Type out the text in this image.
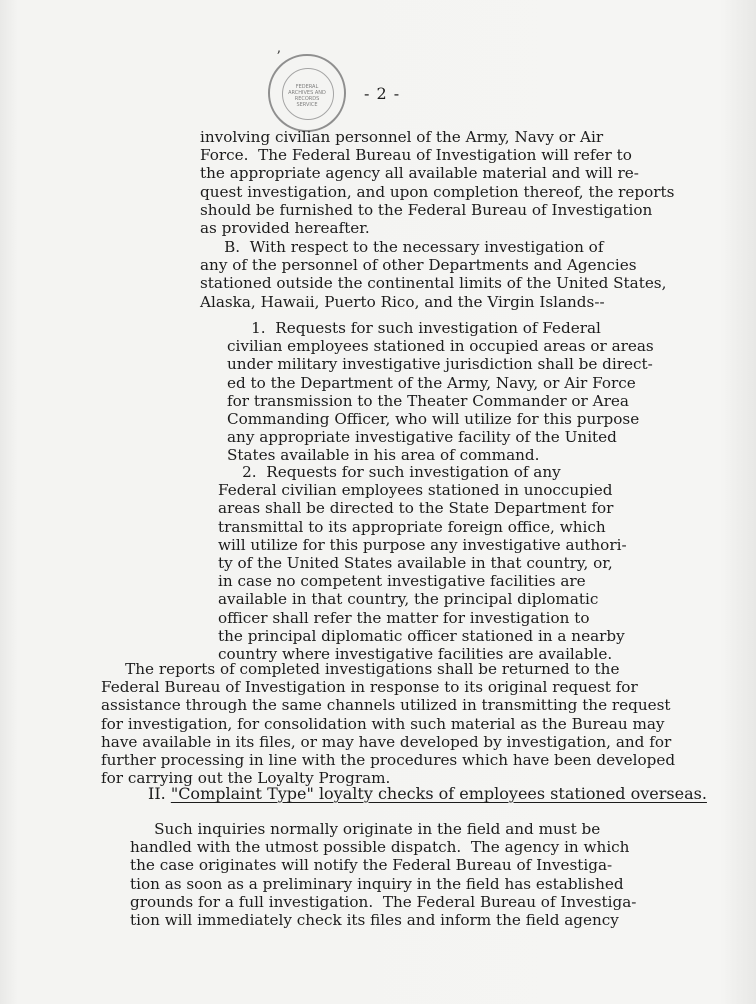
ʼ
FEDERAL
ARCHIVES AND
RECORDS
SERVICE
- 2 -

involving civilian personnel of the Army, Navy or Air
Force.  The Federal Bureau of Investigation will refer to
the appropriate agency all available material and will re-
quest investigation, and upon completion thereof, the reports
should be furnished to the Federal Bureau of Investigation
as provided hereafter.

B.  With respect to the necessary investigation of
any of the personnel of other Departments and Agencies
stationed outside the continental limits of the United States,
Alaska, Hawaii, Puerto Rico, and the Virgin Islands--

1.  Requests for such investigation of Federal
civilian employees stationed in occupied areas or areas
under military investigative jurisdiction shall be direct-
ed to the Department of the Army, Navy, or Air Force
for transmission to the Theater Commander or Area
Commanding Officer, who will utilize for this purpose
any appropriate investigative facility of the United
States available in his area of command.

2.  Requests for such investigation of any
Federal civilian employees stationed in unoccupied
areas shall be directed to the State Department for
transmittal to its appropriate foreign office, which
will utilize for this purpose any investigative authori-
ty of the United States available in that country, or,
in case no competent investigative facilities are
available in that country, the principal diplomatic
officer shall refer the matter for investigation to
the principal diplomatic officer stationed in a nearby
country where investigative facilities are available.

The reports of completed investigations shall be returned to the
Federal Bureau of Investigation in response to its original request for
assistance through the same channels utilized in transmitting the request
for investigation, for consolidation with such material as the Bureau may
have available in its files, or may have developed by investigation, and for
further processing in line with the procedures which have been developed
for carrying out the Loyalty Program.

II. "Complaint Type" loyalty checks of employees stationed overseas.

Such inquiries normally originate in the field and must be
handled with the utmost possible dispatch.  The agency in which
the case originates will notify the Federal Bureau of Investiga-
tion as soon as a preliminary inquiry in the field has established
grounds for a full investigation.  The Federal Bureau of Investiga-
tion will immediately check its files and inform the field agency
